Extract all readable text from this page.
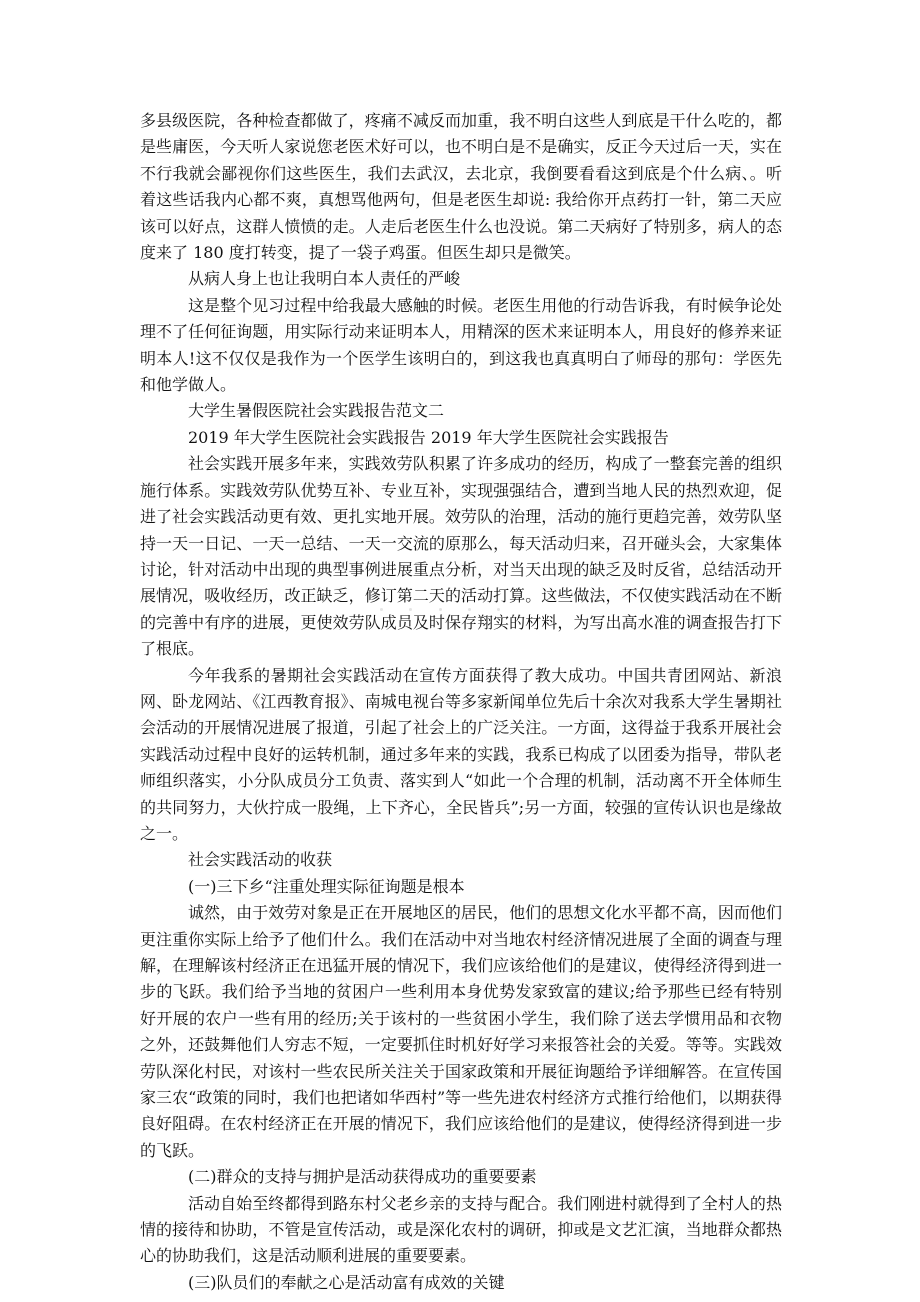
多县级医院，各种检查都做了，疼痛不减反而加重，我不明白这些人到底是干什么吃的，都是些庸医，今天听人家说您老医术好可以，也不明白是不是确实，反正今天过后一天，实在不行我就会鄙视你们这些医生，我们去武汉，去北京，我倒要看看这到底是个什么病、。听着这些话我内心都不爽，真想骂他两句，但是老医生却说: 我给你开点药打一针，第二天应该可以好点，这群人愤愤的走。人走后老医生什么也没说。第二天病好了特别多，病人的态度来了 180 度打转变，提了一袋子鸡蛋。但医生却只是微笑。

从病人身上也让我明白本人责任的严峻

这是整个见习过程中给我最大感触的时候。老医生用他的行动告诉我，有时候争论处理不了任何征询题，用实际行动来证明本人，用精深的医术来证明本人，用良好的修养来证明本人!这不仅仅是我作为一个医学生该明白的，到这我也真真明白了师母的那句：学医先和他学做人。

大学生暑假医院社会实践报告范文二

2019 年大学生医院社会实践报告 2019 年大学生医院社会实践报告

社会实践开展多年来，实践效劳队积累了许多成功的经历，构成了一整套完善的组织施行体系。实践效劳队优势互补、专业互补，实现强强结合，遭到当地人民的热烈欢迎，促进了社会实践活动更有效、更扎实地开展。效劳队的治理，活动的施行更趋完善，效劳队坚持一天一日记、一天一总结、一天一交流的原那么，每天活动归来，召开碰头会，大家集体讨论，针对活动中出现的典型事例进展重点分析，对当天出现的缺乏及时反省，总结活动开展情况，吸收经历，改正缺乏，修订第二天的活动打算。这些做法，不仅使实践活动在不断的完善中有序的进展，更使效劳队成员及时保存翔实的材料，为写出高水准的调查报告打下了根底。

今年我系的暑期社会实践活动在宣传方面获得了教大成功。中国共青团网站、新浪网、卧龙网站、《江西教育报》、南城电视台等多家新闻单位先后十余次对我系大学生暑期社会活动的开展情况进展了报道，引起了社会上的广泛关注。一方面，这得益于我系开展社会实践活动过程中良好的运转机制，通过多年来的实践，我系已构成了以团委为指导，带队老师组织落实，小分队成员分工负责、落实到人“如此一个合理的机制，活动离不开全体师生的共同努力，大伙拧成一股绳，上下齐心，全民皆兵”;另一方面，较强的宣传认识也是缘故之一。

社会实践活动的收获

(一)三下乡“注重处理实际征询题是根本

诚然，由于效劳对象是正在开展地区的居民，他们的思想文化水平都不高，因而他们更注重你实际上给予了他们什么。我们在活动中对当地农村经济情况进展了全面的调查与理解，在理解该村经济正在迅猛开展的情况下，我们应该给他们的是建议，使得经济得到进一步的飞跃。我们给予当地的贫困户一些利用本身优势发家致富的建议;给予那些已经有特别好开展的农户一些有用的经历;关于该村的一些贫困小学生，我们除了送去学惯用品和衣物之外，还鼓舞他们人穷志不短，一定要抓住时机好好学习来报答社会的关爱。等等。实践效劳队深化村民，对该村一些农民所关注关于国家政策和开展征询题给予详细解答。在宣传国家三农“政策的同时，我们也把诸如华西村”等一些先进农村经济方式推行给他们，以期获得良好阻碍。在农村经济正在开展的情况下，我们应该给他们的是建议，使得经济得到进一步的飞跃。

(二)群众的支持与拥护是活动获得成功的重要要素

活动自始至终都得到路东村父老乡亲的支持与配合。我们刚进村就得到了全村人的热情的接待和协助，不管是宣传活动，或是深化农村的调研，抑或是文艺汇演，当地群众都热心的协助我们，这是活动顺利进展的重要要素。

(三)队员们的奉献之心是活动富有成效的关键
